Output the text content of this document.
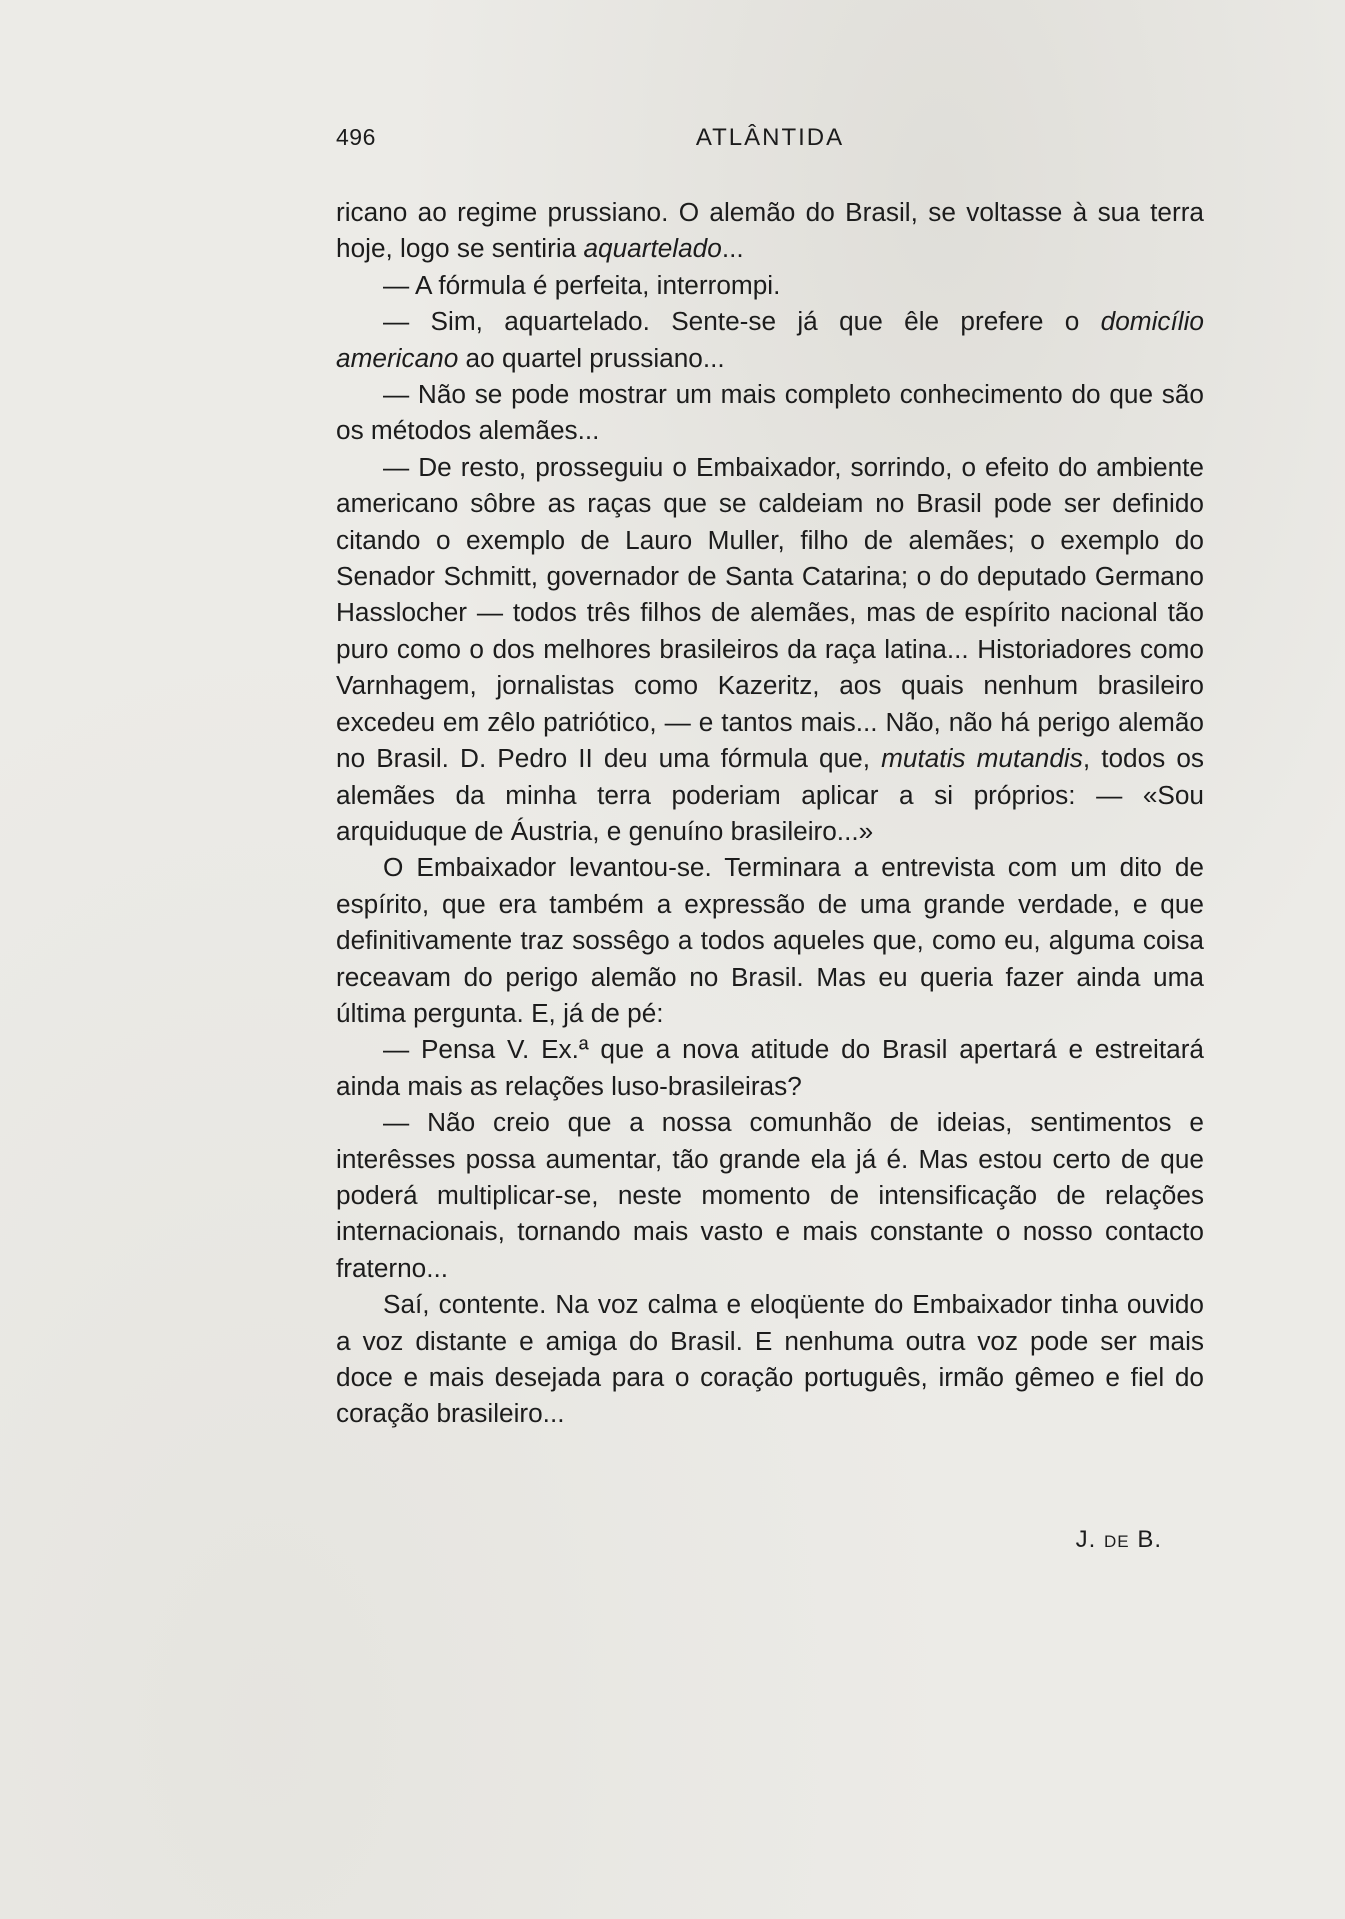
496	ATLÂNTIDA

ricano ao regime prussiano. O alemão do Brasil, se voltasse à sua terra hoje, logo se sentiria aquartelado...

— A fórmula é perfeita, interrompi.

— Sim, aquartelado. Sente-se já que êle prefere o domicílio americano ao quartel prussiano...

— Não se pode mostrar um mais completo conhecimento do que são os métodos alemães...

— De resto, prosseguiu o Embaixador, sorrindo, o efeito do ambiente americano sôbre as raças que se caldeiam no Brasil pode ser definido citando o exemplo de Lauro Muller, filho de alemães; o exemplo do Senador Schmitt, governador de Santa Catarina; o do deputado Germano Hasslocher — todos três filhos de alemães, mas de espírito nacional tão puro como o dos melhores brasileiros da raça latina... Historiadores como Varnhagem, jornalistas como Kazeritz, aos quais nenhum brasileiro excedeu em zêlo patriótico, — e tantos mais... Não, não há perigo alemão no Brasil. D. Pedro II deu uma fórmula que, mutatis mutandis, todos os alemães da minha terra poderiam aplicar a si próprios: — «Sou arquiduque de Áustria, e genuíno brasileiro...»

O Embaixador levantou-se. Terminara a entrevista com um dito de espírito, que era também a expressão de uma grande verdade, e que definitivamente traz sossêgo a todos aqueles que, como eu, alguma coisa receavam do perigo alemão no Brasil. Mas eu queria fazer ainda uma última pergunta. E, já de pé:

— Pensa V. Ex.ª que a nova atitude do Brasil apertará e estreitará ainda mais as relações luso-brasileiras?

— Não creio que a nossa comunhão de ideias, sentimentos e interêsses possa aumentar, tão grande ela já é. Mas estou certo de que poderá multiplicar-se, neste momento de intensificação de relações internacionais, tornando mais vasto e mais constante o nosso contacto fraterno...

Saí, contente. Na voz calma e eloqüente do Embaixador tinha ouvido a voz distante e amiga do Brasil. E nenhuma outra voz pode ser mais doce e mais desejada para o coração português, irmão gêmeo e fiel do coração brasileiro...

J. DE B.
